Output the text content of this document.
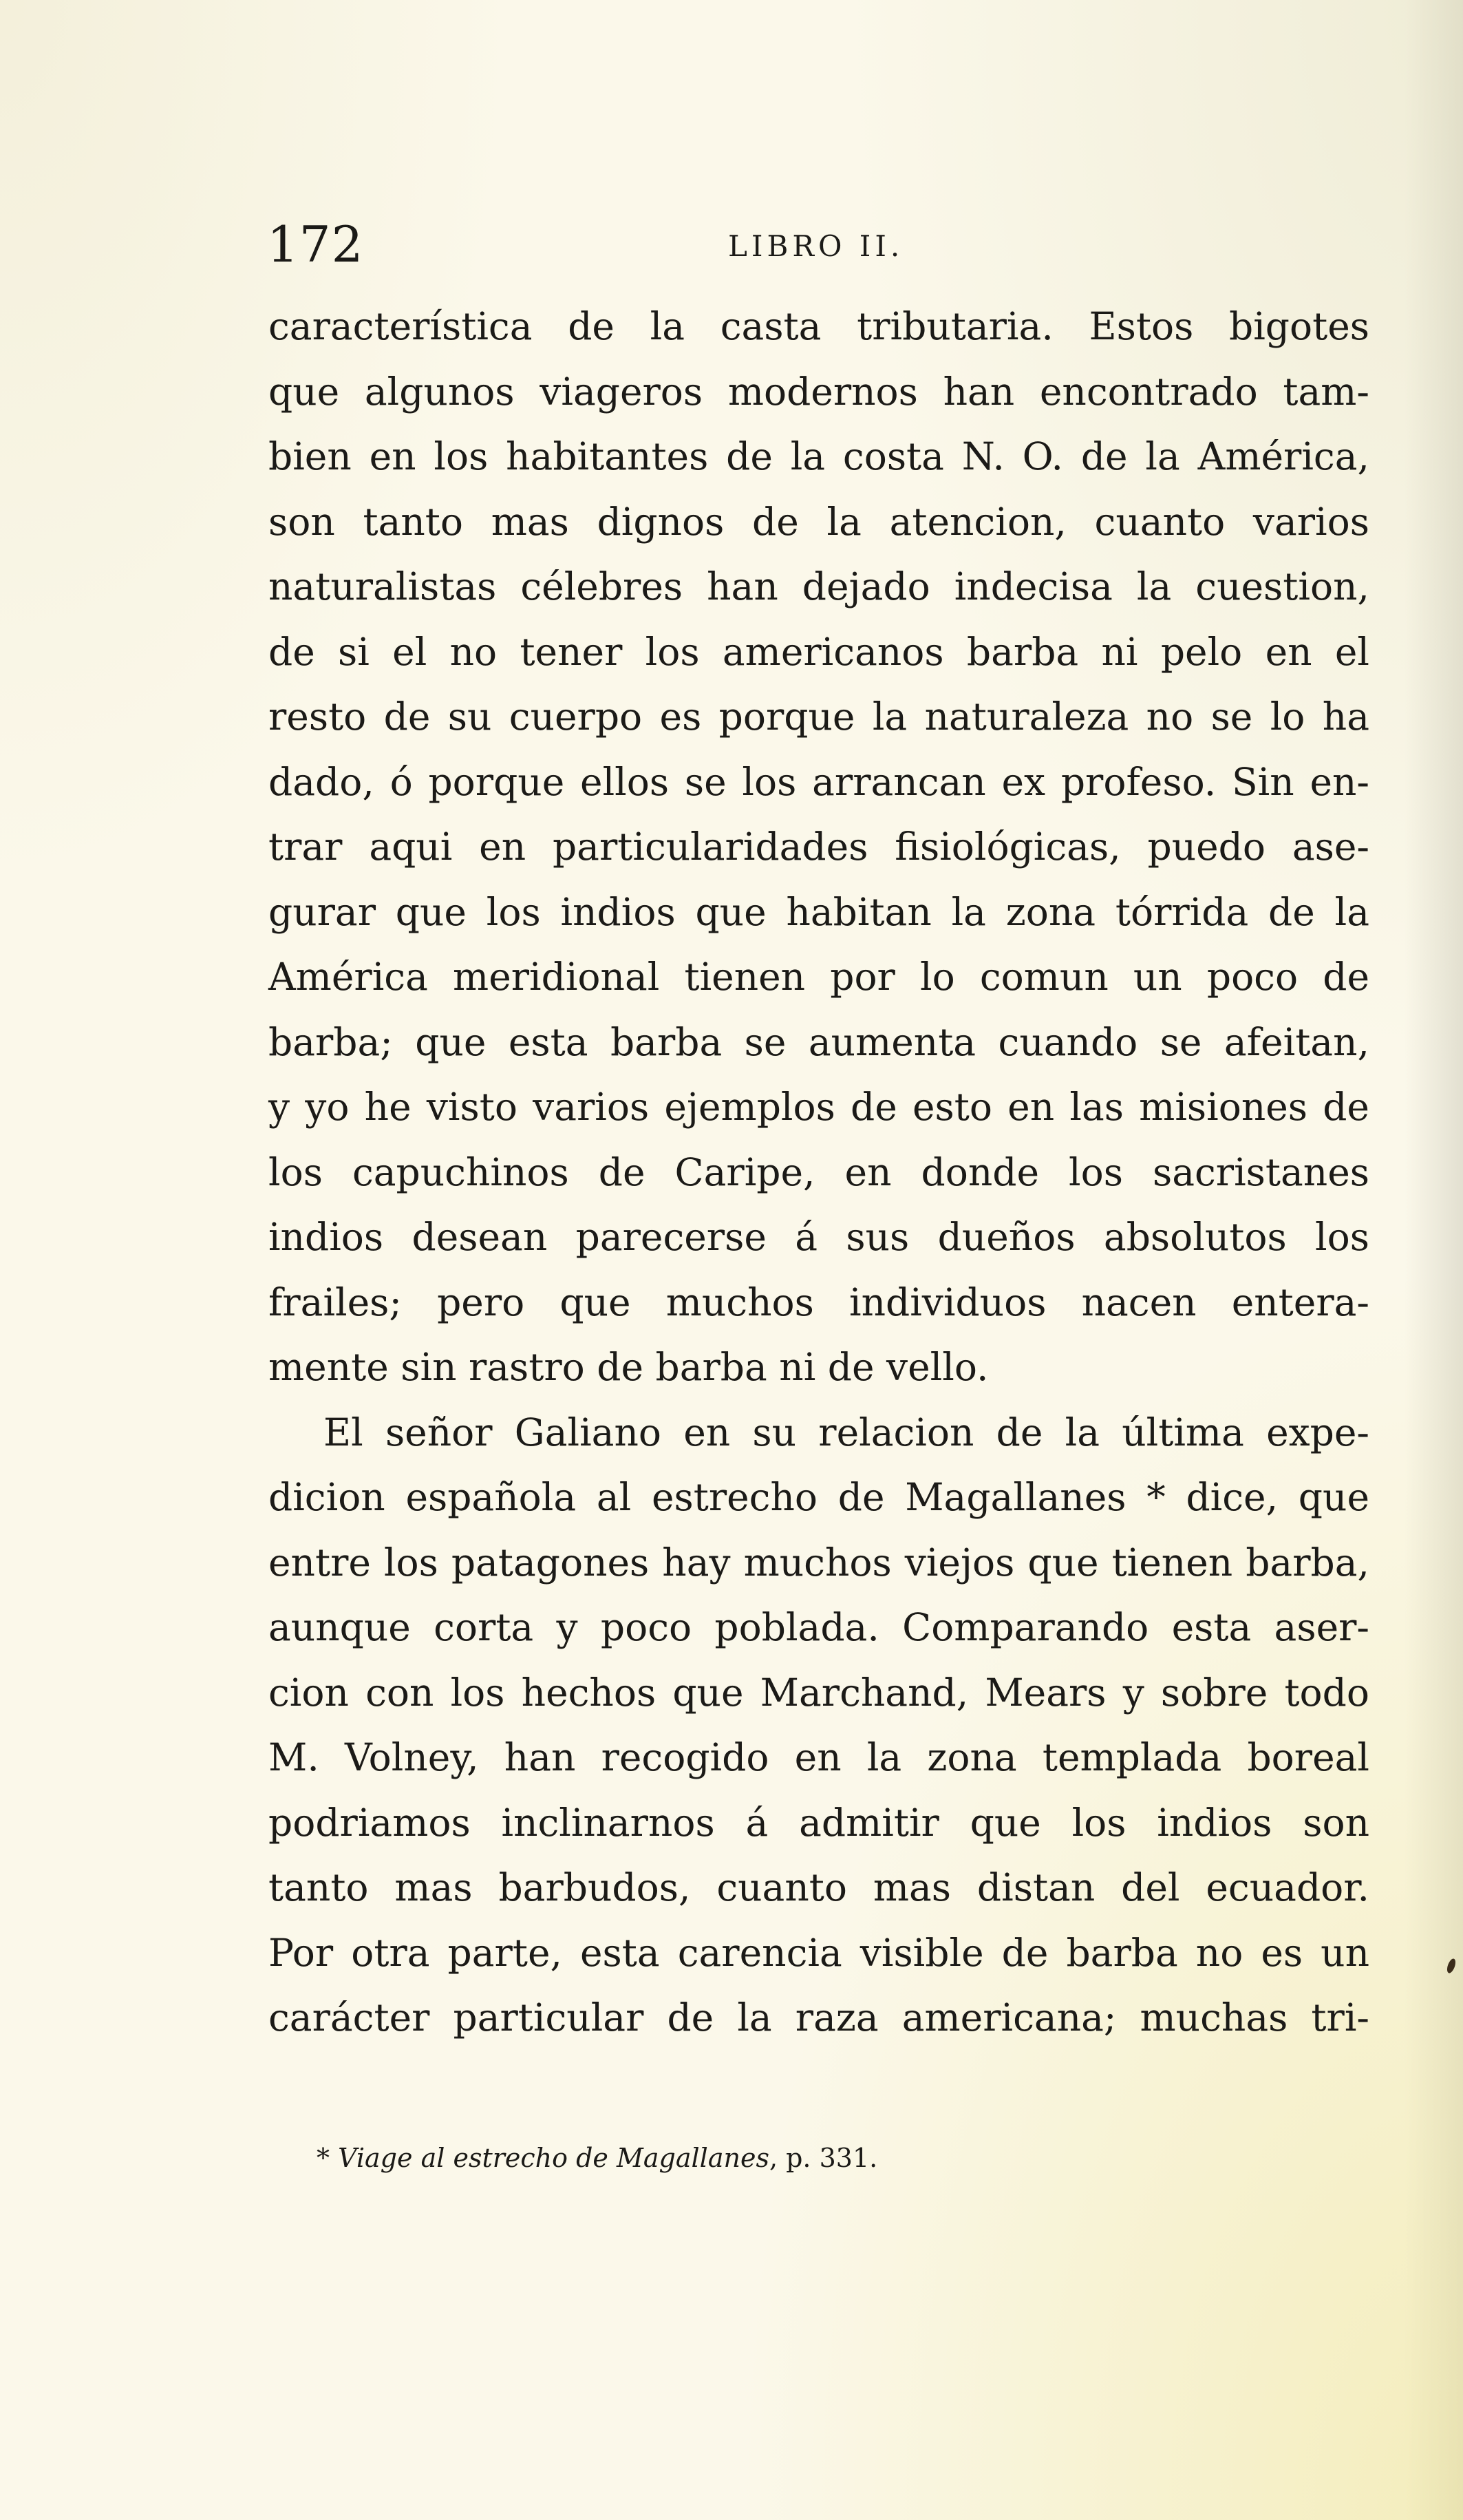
172	LIBRO II.
característica de la casta tributaria. Estos bigotes
que algunos viageros modernos han encontrado tam-
bien en los habitantes de la costa N. O. de la América,
son tanto mas dignos de la atencion, cuanto varios
naturalistas célebres han dejado indecisa la cuestion,
de si el no tener los americanos barba ni pelo en el
resto de su cuerpo es porque la naturaleza no se lo ha
dado, ó porque ellos se los arrancan ex profeso. Sin en-
trar aqui en particularidades fisiológicas, puedo ase-
gurar que los indios que habitan la zona tórrida de la
América meridional tienen por lo comun un poco de
barba; que esta barba se aumenta cuando se afeitan,
y yo he visto varios ejemplos de esto en las misiones de
los capuchinos de Caripe, en donde los sacristanes
indios desean parecerse á sus dueños absolutos los
frailes; pero que muchos individuos nacen entera-
mente sin rastro de barba ni de vello.
El señor Galiano en su relacion de la última expe-
dicion española al estrecho de Magallanes * dice, que
entre los patagones hay muchos viejos que tienen barba,
aunque corta y poco poblada. Comparando esta aser-
cion con los hechos que Marchand, Mears y sobre todo
M. Volney, han recogido en la zona templada boreal
podriamos inclinarnos á admitir que los indios son
tanto mas barbudos, cuanto mas distan del ecuador.
Por otra parte, esta carencia visible de barba no es un
carácter particular de la raza americana; muchas tri-
* Viage al estrecho de Magallanes, p. 331.
